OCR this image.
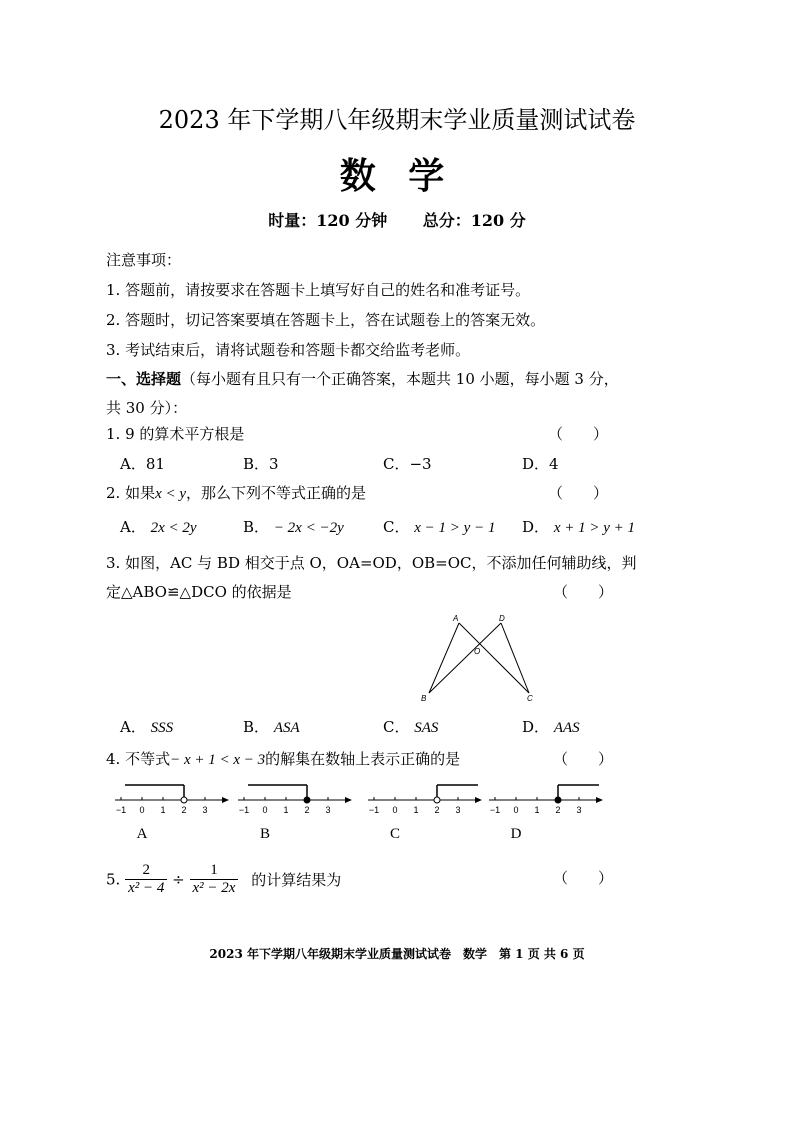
2023 年下学期八年级期末学业质量测试试卷
数 学
时量：120 分钟 总分：120 分
注意事项：
1. 答题前，请按要求在答题卡上填写好自己的姓名和准考证号。
2. 答题时，切记答案要填在答题卡上，答在试题卷上的答案无效。
3. 考试结束后，请将试题卷和答题卡都交给监考老师。
一、选择题（每小题有且只有一个正确答案，本题共 10 小题，每小题 3 分，
共 30 分）：
1. 9 的算术平方根是	（　　）
A．81	B．3	C．−3	D．4
2. 如果x < y，那么下列不等式正确的是	（　　）
A． 2x < 2y	B． − 2x < −2y	C． x − 1 > y − 1 D． x + 1 > y + 1
3. 如图，AC 与 BD 相交于点 O，OA=OD，OB=OC，不添加任何辅助线，判
定△ABO≌△DCO 的依据是	（　　）
A	D
O
B	C
A． SSS	B． ASA	C． SAS	D． AAS
4. 不等式− x + 1 < x − 3的解集在数轴上表示正确的是	（　　）
−1 0 1 2 3
A
−1 0 1 2 3
B
−1 0 1 2 3
C
−1 0 1 2 3
D
5. $\frac{2}{\text{x² − 4}} \div \frac{1}{\text{x² − 2x}}$ 的计算结果为	（　　）
2023 年下学期八年级期末学业质量测试试卷　数学　第 1 页 共 6 页
